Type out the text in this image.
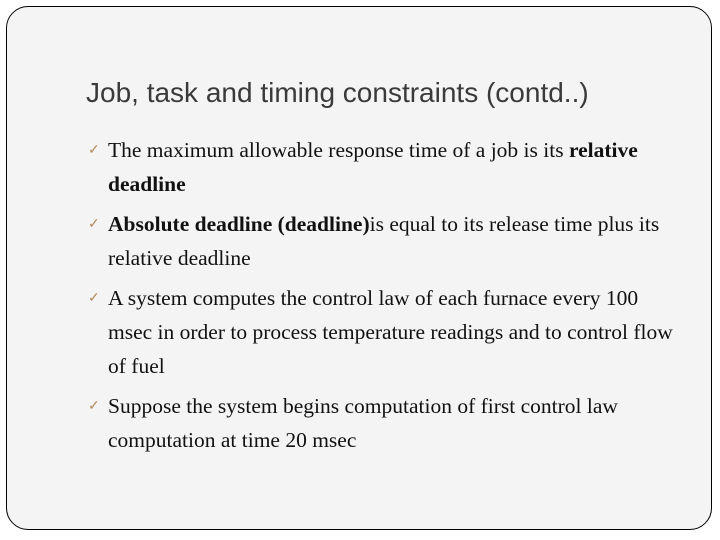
Job, task and timing constraints (contd..)
✓ The maximum allowable response time of a job is its relative deadline
✓ Absolute deadline (deadline)is equal to its release time plus its relative deadline
✓ A system computes the control law of each furnace every 100 msec in order to process temperature readings and to control flow of fuel
✓ Suppose the system begins computation of first control law computation at time 20 msec
